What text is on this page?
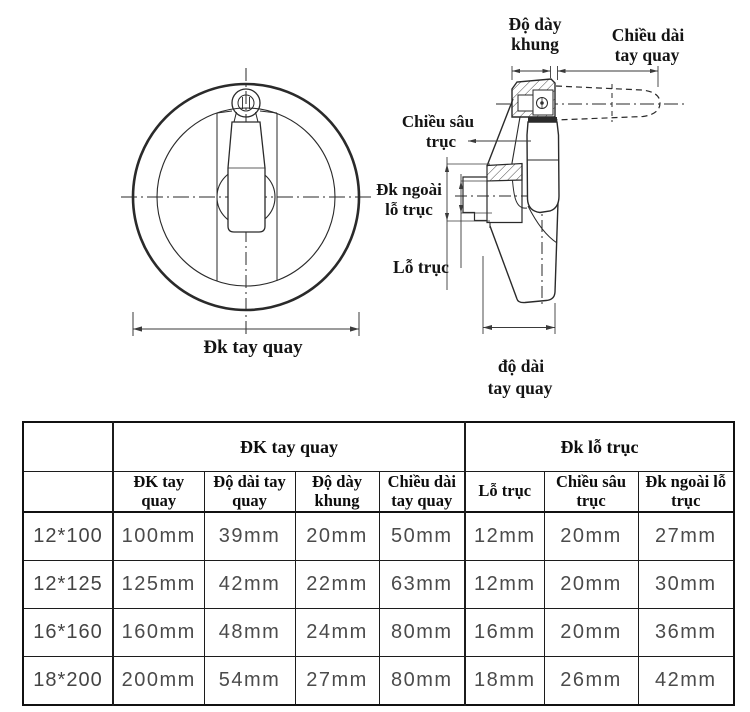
Đk tay quay
Độ dày
khung	Chiều dài
tay quay
Chiều sâu
trục
Đk ngoài
lỗ trục
Lỗ trục
độ dài
tay quay
	ĐK tay quay				Đk lỗ trục		
	ĐK tay quay	Độ dài tay quay	Độ dày khung	Chiều dài tay quay	Lỗ trục	Chiều sâu trục	Đk ngoài lỗ trục
12*100	100mm	39mm	20mm	50mm	12mm	20mm	27mm
12*125	125mm	42mm	22mm	63mm	12mm	20mm	30mm
16*160	160mm	48mm	24mm	80mm	16mm	20mm	36mm
18*200	200mm	54mm	27mm	80mm	18mm	26mm	42mm
